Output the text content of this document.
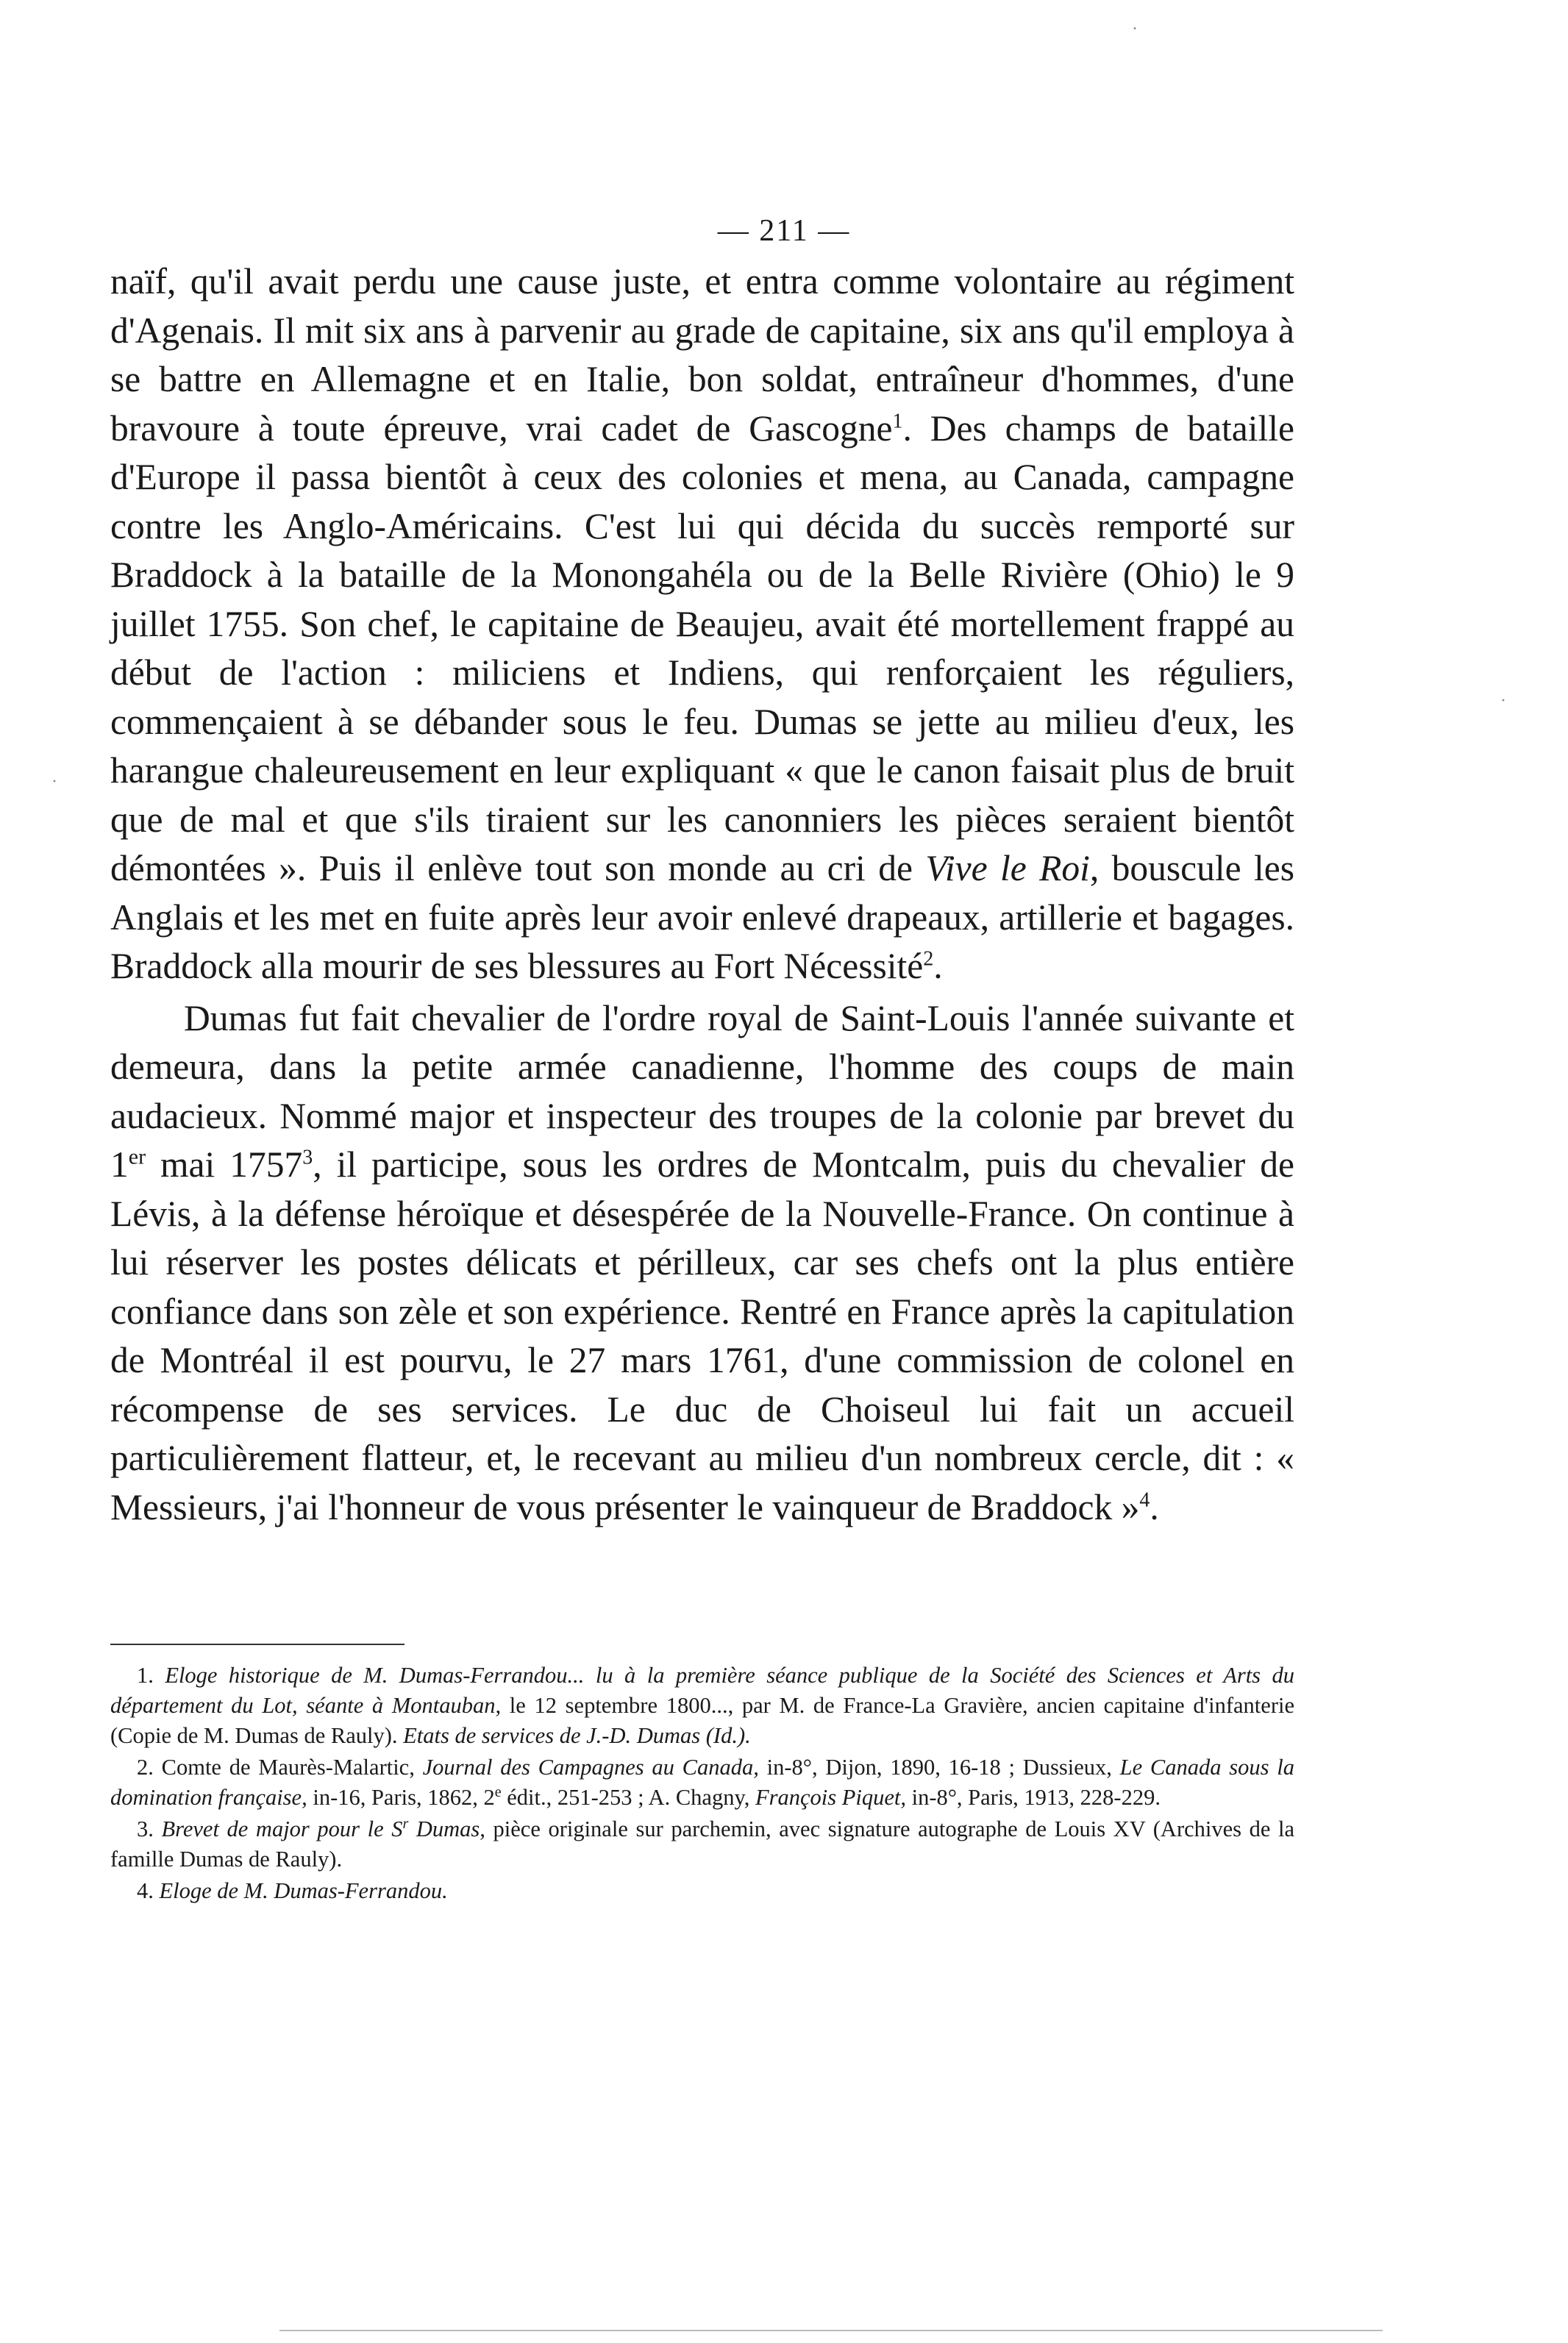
— 211 —

naïf, qu'il avait perdu une cause juste, et entra comme volontaire au régiment d'Agenais. Il mit six ans à parvenir au grade de capitaine, six ans qu'il employa à se battre en Allemagne et en Italie, bon soldat, entraîneur d'hommes, d'une bravoure à toute épreuve, vrai cadet de Gascogne$^1$. Des champs de bataille d'Europe il passa bientôt à ceux des colonies et mena, au Canada, campagne contre les Anglo-Américains. C'est lui qui décida du succès remporté sur Braddock à la bataille de la Monongahéla ou de la Belle Rivière (Ohio) le 9 juillet 1755. Son chef, le capitaine de Beaujeu, avait été mortellement frappé au début de l'action : miliciens et Indiens, qui renforçaient les réguliers, commençaient à se débander sous le feu. Dumas se jette au milieu d'eux, les harangue chaleureusement en leur expliquant « que le canon faisait plus de bruit que de mal et que s'ils tiraient sur les canonniers les pièces seraient bientôt démontées ». Puis il enlève tout son monde au cri de Vive le Roi, bouscule les Anglais et les met en fuite après leur avoir enlevé drapeaux, artillerie et bagages. Braddock alla mourir de ses blessures au Fort Nécessité$^2$.

Dumas fut fait chevalier de l'ordre royal de Saint-Louis l'année suivante et demeura, dans la petite armée canadienne, l'homme des coups de main audacieux. Nommé major et inspecteur des troupes de la colonie par brevet du 1er mai 1757$^3$, il participe, sous les ordres de Montcalm, puis du chevalier de Lévis, à la défense héroïque et désespérée de la Nouvelle-France. On continue à lui réserver les postes délicats et périlleux, car ses chefs ont la plus entière confiance dans son zèle et son expérience. Rentré en France après la capitulation de Montréal il est pourvu, le 27 mars 1761, d'une commission de colonel en récompense de ses services. Le duc de Choiseul lui fait un accueil particulièrement flatteur, et, le recevant au milieu d'un nombreux cercle, dit : « Messieurs, j'ai l'honneur de vous présenter le vainqueur de Braddock »$^4$.

1. Eloge historique de M. Dumas-Ferrandou... lu à la première séance publique de la Société des Sciences et Arts du département du Lot, séante à Montauban, le 12 septembre 1800..., par M. de France-La Gravière, ancien capitaine d'infanterie (Copie de M. Dumas de Rauly). Etats de services de J.-D. Dumas (Id.).

2. Comte de Maurès-Malartic, Journal des Campagnes au Canada, in-8°, Dijon, 1890, 16-18 ; Dussieux, Le Canada sous la domination française, in-16, Paris, 1862, 2e édit., 251-253 ; A. Chagny, François Piquet, in-8°, Paris, 1913, 228-229.

3. Brevet de major pour le $S^r$ Dumas, pièce originale sur parchemin, avec signature autographe de Louis XV (Archives de la famille Dumas de Rauly).

4. Eloge de M. Dumas-Ferrandou.

.
·
·
